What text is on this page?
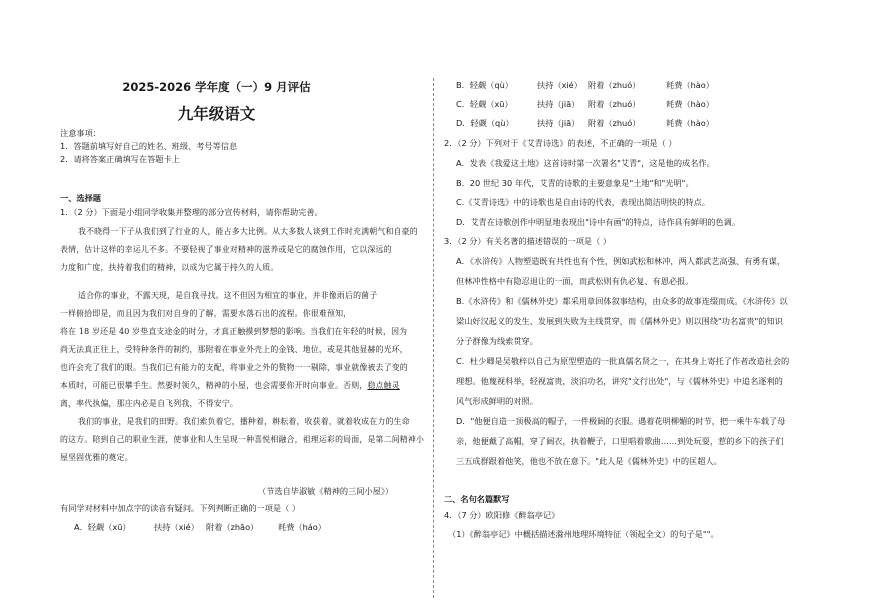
2025-2026 学年度（一）9 月评估
九年级语文
注意事项：
1．答题前填写好自己的姓名、班级、考号等信息
2．请将答案正确填写在答题卡上
一、选择题
1．（2 分）下面是小组同学收集并整理的部分宣传材料，请你帮助完善。
我不晓得一下子从我们到了行业的人，能占多大比例。从大多数人谈到工作时充满朝气和自豪的
表情，估计这样的幸运儿不多。不要轻视了事业对精神的滋养或是它的腐蚀作用，它以深远的
力度和广度，扶持着我们的精神，以成为它属于持久的人质。
适合你的事业，不露天现，是自我寻找。这不但因为相宜的事业，并非像雨后的菌子
一样俯拾即是，而且因为我们对自身的了解，需要水落石出的流程。你很难预知，
将在 18 岁还是 40 岁垫直支途金的时分，才真正触摸到梦想的影响。当我们在年轻的时候，因为
尚无法真正往上，受特种条件的制约，那附着在事业外壳上的金钱、地位，或是其他显赫的光环，
也许会充了我们的眼。当我们已有能力的支配，将事业之外的赘物一一剔除，事业就像被去了变的
本质时，可能已很攀手生。然要时领久，精神的小屋，也会需要你开时向事业。否则，稳点触灵
离，率代执偏，那庄内必是自飞列我，不得安宁。
我们的事业，是我们的田野。我们索负着它，播种着，耕耘着，收获着，就着收成在力的生命
的这方。陪到自己的职业生涯，使事业和人生呈现一种喜悦相融合，祖理运彩的局面，是第二间精神小
屋坚固优雅的奠定。
（节选自毕淑敏《精神的三间小屋》）
有同学对材料中加点字的读音有疑问。下列判断正确的一项是（ ）
A．轻觑（xū）	扶持（xié） 附着（zhāo） 耗费（háo）
B．轻觑（qù）	扶持（xié） 附着（zhuó）	耗费（hào）
C．轻觑（xū）	扶持（jiā） 附着（zhuó）	耗费（hào）
D．轻觑（qù）	扶持（jiā） 附着（zhuó）	耗费（hào）
2．（2 分）下列对于《艾青诗选》的表述，不正确的一项是（ ）
A．发表《我爱这土地》这首诗时第一次署名"艾青"，这是他的成名作。
B．20 世纪 30 年代，艾青的诗歌的主要意象是"土地"和"光明"。
C.《艾青诗选》中的诗歌也是自由诗的代表，表现出简洁明快的特点。
D．艾青在诗歌创作中明显地表现出"诗中有画"的特点，诗作具有鲜明的色调。
3．（2 分）有关名著的描述错误的一项是（ ）
A．《水浒传》人物塑造既有共性也有个性，例如武松和林冲，两人都武艺高强、有勇有谋，
但林冲性格中有隐忍退让的一面，而武松则有仇必复、有恩必报。
B.《水浒传》和《儒林外史》都采用章回体叙事结构，由众多的故事连缀而成。《水浒传》以
梁山好汉起义的发生、发展到失败为主线贯穿，而《儒林外史》则以围绕"功名富贵"的知识
分子群像为线索贯穿。
C．杜少卿是吴敬梓以自己为原型塑造的一批真儒名贤之一，在其身上寄托了作者改造社会的
理想。他蔑视科举，轻视富贵，淡泊功名，讲究"文行出处"，与《儒林外史》中追名逐利的
风气形成鲜明的对照。
D．"他便自造一顶极高的帽子，一件极阔的衣服。遇着花明柳媚的时节，把一乘牛车载了母
亲，他便戴了高帽，穿了阔衣，执着鞭子，口里唱着歌曲……到处玩耍，惹的乡下的孩子们
三五成群跟着他笑，他也不放在意下。"此人是《儒林外史》中的匡超人。
二、名句名篇默写
4．（7 分）欧阳修《醉翁亭记》
（1）《醉翁亭记》中概括描述滁州地理环境特征（领起全文）的句子是""。
